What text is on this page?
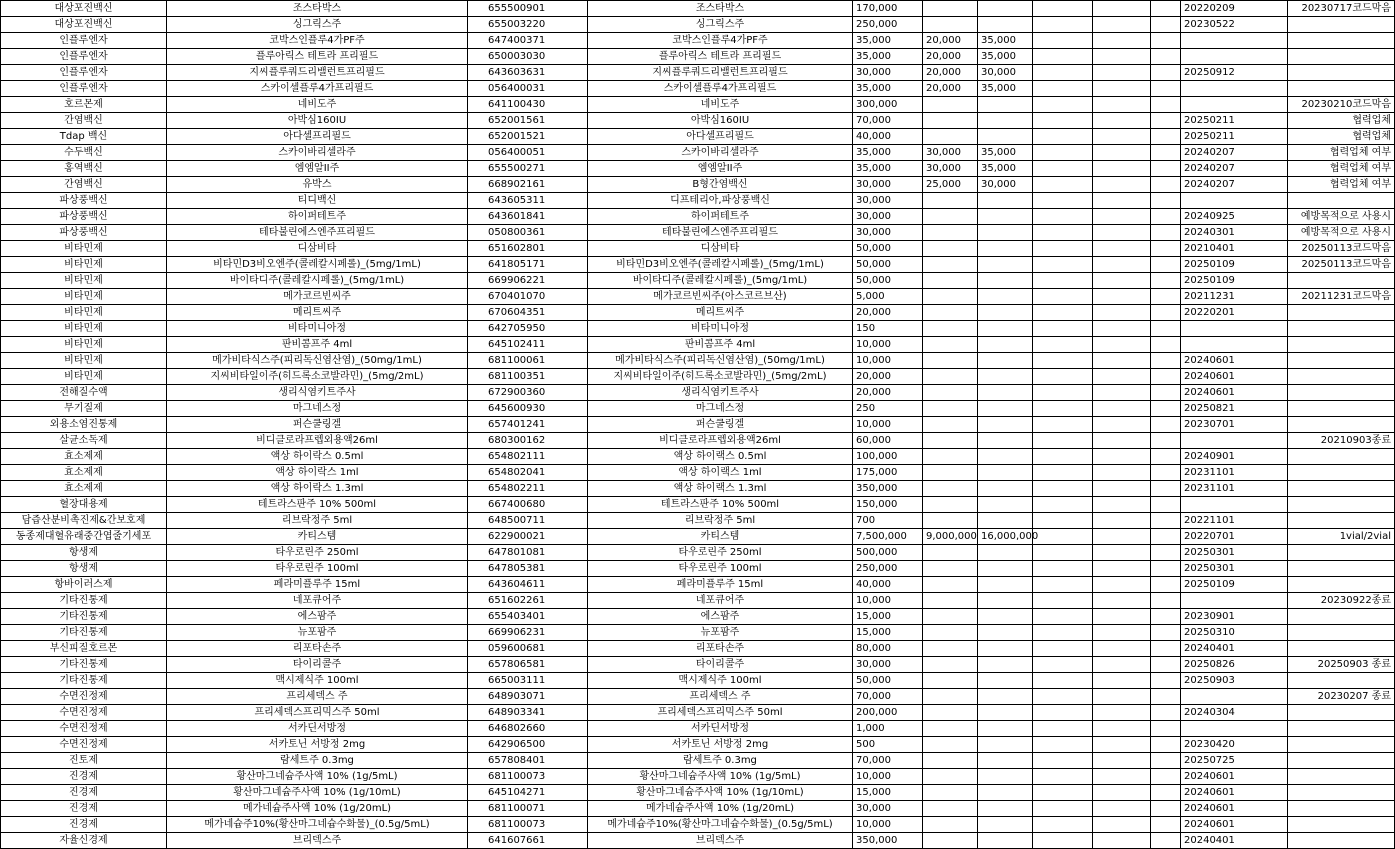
대상포진백신	조스타박스	655500901	조스타박스	170,000						20220209	20230717코드막음
대상포진백신	싱그릭스주	655003220	싱그릭스주	250,000						20230522	
인플루엔자	코박스인플루4가PF주	647400371	코박스인플루4가PF주	35,000	20,000	35,000					
인플루엔자	플루아릭스 테트라 프리필드	650003030	플루아릭스 테트라 프리필드	35,000	20,000	35,000					
인플루엔자	지씨플루쿼드리밸런트프리필드	643603631	지씨플루쿼드리밸런트프리필드	30,000	20,000	30,000				20250912	
인플루엔자	스카이셀플루4가프리필드	056400031	스카이셀플루4가프리필드	35,000	20,000	35,000					
호르몬제	네비도주	641100430	네비도주	300,000							20230210코드막음
간염백신	아박심160IU	652001561	아박심160IU	70,000						20250211	협력업체
Tdap 백신	아다셀프리필드	652001521	아다셀프리필드	40,000						20250211	협력업체
수두백신	스카이바리셀라주	056400051	스카이바리셀라주	35,000	30,000	35,000				20240207	협력업체 여부
홍역백신	엠엠알II주	655500271	엠엠알II주	35,000	30,000	35,000				20240207	협력업체 여부
간염백신	유박스	668902161	B형간염백신	30,000	25,000	30,000				20240207	협력업체 여부
파상풍백신	티디백신	643605311	디프테리아,파상풍백신	30,000							
파상풍백신	하이퍼테트주	643601841	하이퍼테트주	30,000						20240925	예방목적으로 사용시
파상풍백신	테타불린에스엔주프리필드	050800361	테타불린에스엔주프리필드	30,000						20240301	예방목적으로 사용시
비타민제	디삼비타	651602801	디삼비타	50,000						20210401	20250113코드막음
비타민제	비타민D3비오엔주(콜레칼시페롤)_(5mg/1mL)	641805171	비타민D3비오엔주(콜레칼시페롤)_(5mg/1mL)	50,000						20250109	20250113코드막음
비타민제	바이타디주(콜레칼시페롤)_(5mg/1mL)	669906221	바이타디주(콜레칼시페롤)_(5mg/1mL)	50,000						20250109	
비타민제	메가코르빈씨주	670401070	메가코르빈씨주(아스코르브산)	5,000						20211231	20211231코드막음
비타민제	메리트씨주	670604351	메리트씨주	20,000						20220201	
비타민제	비타미니아정	642705950	비타미니아정	150							
비타민제	판비콤프주 4ml	645102411	판비콤프주 4ml	10,000							
비타민제	메가비타식스주(피리독신염산염)_(50mg/1mL)	681100061	메가비타식스주(피리독신염산염)_(50mg/1mL)	10,000						20240601	
비타민제	지씨비타일이주(히드록소코발라민)_(5mg/2mL)	681100351	지씨비타일이주(히드록소코발라민)_(5mg/2mL)	20,000						20240601	
전해질수액	생리식염키트주사	672900360	생리식염키트주사	20,000						20240601	
무기질제	마그네스정	645600930	마그네스정	250						20250821	
외용소염진통제	퍼슨쿨링겔	657401241	퍼슨쿨링겔	10,000						20230701	
살균소독제	비디클로라프렙외용액26ml	680300162	비디클로라프렙외용액26ml	60,000							20210903종료
효소제제	액상 하이락스 0.5ml	654802111	액상 하이랙스 0.5ml	100,000						20240901	
효소제제	액상 하이락스 1ml	654802041	액상 하이랙스 1ml	175,000						20231101	
효소제제	액상 하이락스 1.3ml	654802211	액상 하이랙스 1.3ml	350,000						20231101	
혈장대용제	테트라스판주 10% 500ml	667400680	테트라스판주 10% 500ml	150,000							
담즙산분비촉진제&간보호제	리브락정주 5ml	648500711	리브락정주 5ml	700						20221101	
동종제대혈유래중간엽줄기세포	카티스템	622900021	카티스템	7,500,000	9,000,000	16,000,000				20220701	1vial/2vial
항생제	타우로린주 250ml	647801081	타우로린주 250ml	500,000						20250301	
항생제	타우로린주 100ml	647805381	타우로린주 100ml	250,000						20250301	
항바이러스제	페라미플루주 15ml	643604611	페라미플루주 15ml	40,000						20250109	
기타진통제	네포큐어주	651602261	네포큐어주	10,000							20230922종료
기타진통제	에스팜주	655403401	에스팜주	15,000						20230901	
기타진통제	뉴포팜주	669906231	뉴포팜주	15,000						20250310	
부신피질호르몬	리포타손주	059600681	리포타손주	80,000						20240401	
기타진통제	타이리콜주	657806581	타이리콜주	30,000						20250826	20250903 종료
기타진통제	맥시제식주 100ml	665003111	맥시제식주 100ml	50,000						20250903	
수면진정제	프리세덱스 주	648903071	프리세덱스 주	70,000							20230207 종료
수면진정제	프리세덱스프리믹스주 50ml	648903341	프리세덱스프리믹스주 50ml	200,000						20240304	
수면진정제	서카딘서방정	646802660	서카딘서방정	1,000							
수면진정제	서카토닌 서방정 2mg	642906500	서카토닌 서방정 2mg	500						20230420	
진토제	람세트주 0.3mg	657808401	람세트주 0.3mg	70,000						20250725	
진경제	황산마그네슘주사액 10% (1g/5mL)	681100073	황산마그네슘주사액 10% (1g/5mL)	10,000						20240601	
진경제	황산마그네슘주사액 10% (1g/10mL)	645104271	황산마그네슘주사액 10% (1g/10mL)	15,000						20240601	
진경제	메가네슘주사액 10% (1g/20mL)	681100071	메가네슘주사액 10% (1g/20mL)	30,000						20240601	
진경제	메가네슘주10%(황산마그네슘수화물)_(0.5g/5mL)	681100073	메가네슘주10%(황산마그네슘수화물)_(0.5g/5mL)	10,000						20240601	
자율신경제	브리덱스주	641607661	브리덱스주	350,000						20240401	
